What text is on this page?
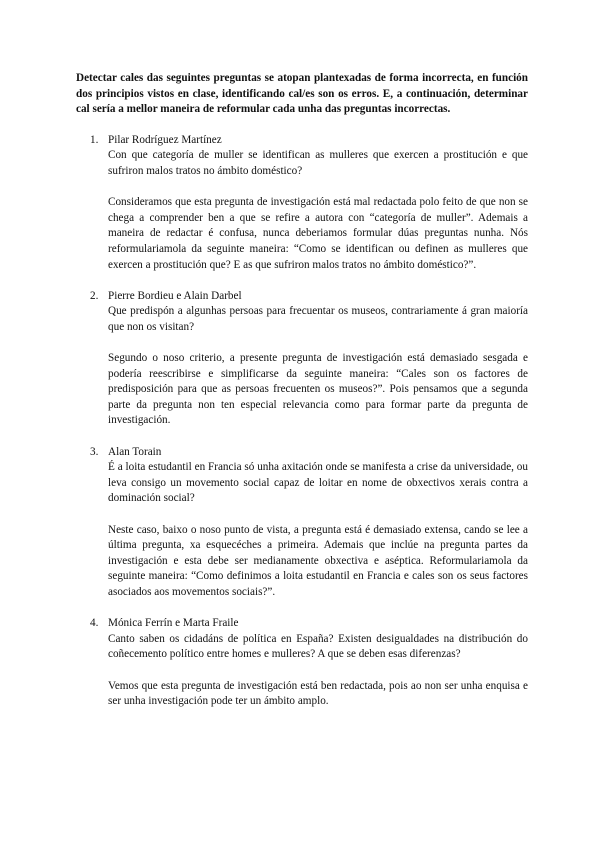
Detectar cales das seguintes preguntas se atopan plantexadas de forma incorrecta, en función dos principios vistos en clase, identificando cal/es son os erros. E, a continuación, determinar cal sería a mellor maneira de reformular cada unha das preguntas incorrectas.

1. Pilar Rodríguez Martínez

Con que categoría de muller se identifican as mulleres que exercen a prostitución e que sufriron malos tratos no ámbito doméstico?

Consideramos que esta pregunta de investigación está mal redactada polo feito de que non se chega a comprender ben a que se refire a autora con “categoría de muller”. Ademais a maneira de redactar é confusa, nunca deberiamos formular dúas preguntas nunha. Nós reformulariamola da seguinte maneira: “Como se identifican ou definen as mulleres que exercen a prostitución que? E as que sufriron malos tratos no ámbito doméstico?”.

2. Pierre Bordieu e Alain Darbel

Que predispón a algunhas persoas para frecuentar os museos, contrariamente á gran maioría que non os visitan?

Segundo o noso criterio, a presente pregunta de investigación está demasiado sesgada e podería reescribirse e simplificarse da seguinte maneira: “Cales son os factores de predisposición para que as persoas frecuenten os museos?”. Pois pensamos que a segunda parte da pregunta non ten especial relevancia como para formar parte da pregunta de investigación.

3. Alan Torain

É a loita estudantil en Francia só unha axitación onde se manifesta a crise da universidade, ou leva consigo un movemento social capaz de loitar en nome de obxectivos xerais contra a dominación social?

Neste caso, baixo o noso punto de vista, a pregunta está é demasiado extensa, cando se lee a última pregunta, xa esquecéches a primeira. Ademais que inclúe na pregunta partes da investigación e esta debe ser medianamente obxectiva e aséptica. Reformulariamola da seguinte maneira: “Como definimos a loita estudantil en Francia e cales son os seus factores asociados aos movementos sociais?”.

4. Mónica Ferrín e Marta Fraile

Canto saben os cidadáns de política en España? Existen desigualdades na distribución do coñecemento político entre homes e mulleres? A que se deben esas diferenzas?

Vemos que esta pregunta de investigación está ben redactada, pois ao non ser unha enquisa e ser unha investigación pode ter un ámbito amplo.
